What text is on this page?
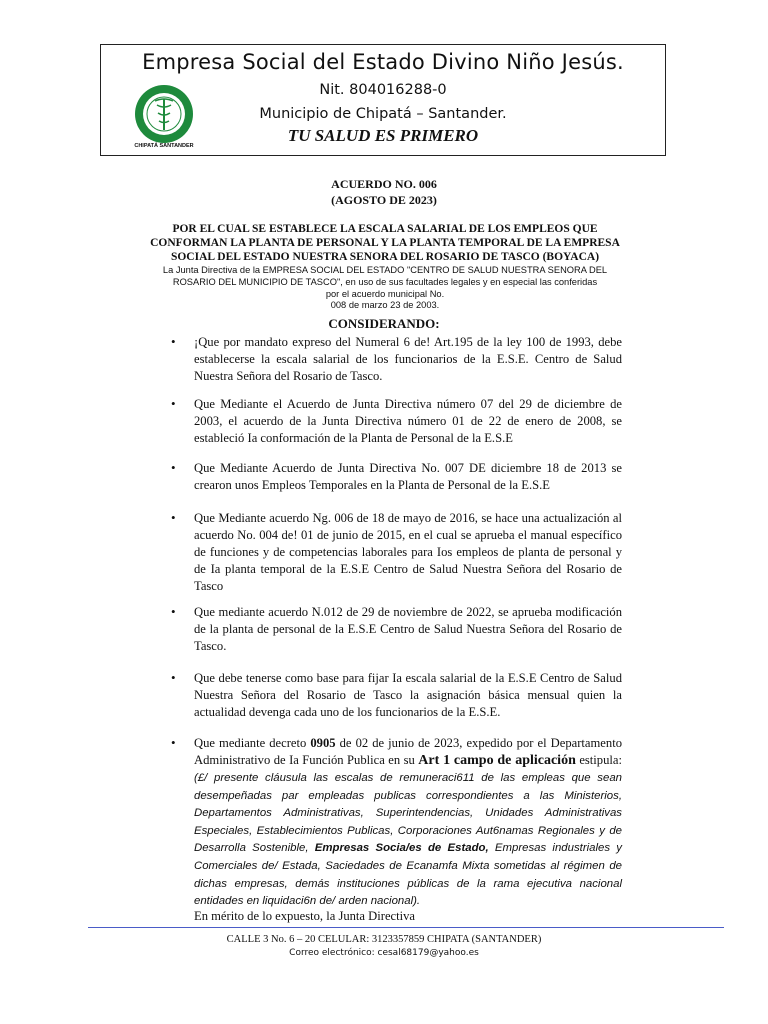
Empresa Social del Estado Divino Niño Jesús.
Nit. 804016288-0
Municipio de Chipatá – Santander.
TU SALUD ES PRIMERO
CHIPATÁ SANTANDER
ACUERDO NO. 006
(AGOSTO DE 2023)
POR EL CUAL SE ESTABLECE LA ESCALA SALARIAL DE LOS EMPLEOS QUE CONFORMAN LA PLANTA DE PERSONAL Y LA PLANTA TEMPORAL DE LA EMPRESA SOCIAL DEL ESTADO NUESTRA SENORA DEL ROSARIO DE TASCO (BOYACA)
La Junta Directiva de la EMPRESA SOCIAL DEL ESTADO "CENTRO DE SALUD NUESTRA SENORA DEL
ROSARIO DEL MUNICIPIO DE TASCO", en uso de sus facultades legales y en especial las conferidas
por el acuerdo municipal No.
008 de marzo 23 de 2003.
CONSIDERANDO:
• ¡Que por mandato expreso del Numeral 6 de! Art.195 de la ley 100 de 1993, debe establecerse la escala salarial de los funcionarios de la E.S.E. Centro de Salud Nuestra Señora del Rosario de Tasco.
• Que Mediante el Acuerdo de Junta Directiva número 07 del 29 de diciembre de 2003, el acuerdo de la Junta Directiva número 01 de 22 de enero de 2008, se estableció Ia conformación de la Planta de Personal de la E.S.E
• Que Mediante Acuerdo de Junta Directiva No. 007 DE diciembre 18 de 2013 se crearon unos Empleos Temporales en la Planta de Personal de la E.S.E
• Que Mediante acuerdo Ng. 006 de 18 de mayo de 2016, se hace una actualización al acuerdo No. 004 de! 01 de junio de 2015, en el cual se aprueba el manual específico de funciones y de competencias laborales para Ios empleos de planta de personal y de Ia planta temporal de la E.S.E Centro de Salud Nuestra Señora del Rosario de Tasco
• Que mediante acuerdo N.012 de 29 de noviembre de 2022, se aprueba modificación de la planta de personal de la E.S.E Centro de Salud Nuestra Señora del Rosario de Tasco.
• Que debe tenerse como base para fijar Ia escala salarial de la E.S.E Centro de Salud Nuestra Señora del Rosario de Tasco la asignación básica mensual quien la actualidad devenga cada uno de los funcionarios de la E.S.E.
• Que mediante decreto 0905 de 02 de junio de 2023, expedido por el Departamento Administrativo de Ia Función Publica en su Art 1 campo de aplicación estipula: (£/ presente cláusula las escalas de remuneraci611 de las empleas que sean desempeñadas par empleadas publicas correspondientes a las Ministerios, Departamentos Administrativas, Superintendencias, Unidades Administrativas Especiales, Establecimientos Publicas, Corporaciones Aut6namas Regionales y de Desarrolla Sostenible, Empresas Socia/es de Estado, Empresas industriales y Comerciales de/ Estada, Saciedades de Ecanamfa Mixta sometidas al régimen de dichas empresas, demás instituciones públicas de la rama ejecutiva nacional entidades en liquidaci6n de/ arden nacional).
En mérito de lo expuesto, la Junta Directiva
CALLE 3 No. 6 – 20 CELULAR: 3123357859 CHIPATA (SANTANDER)
Correo electrónico: cesal68179@yahoo.es
